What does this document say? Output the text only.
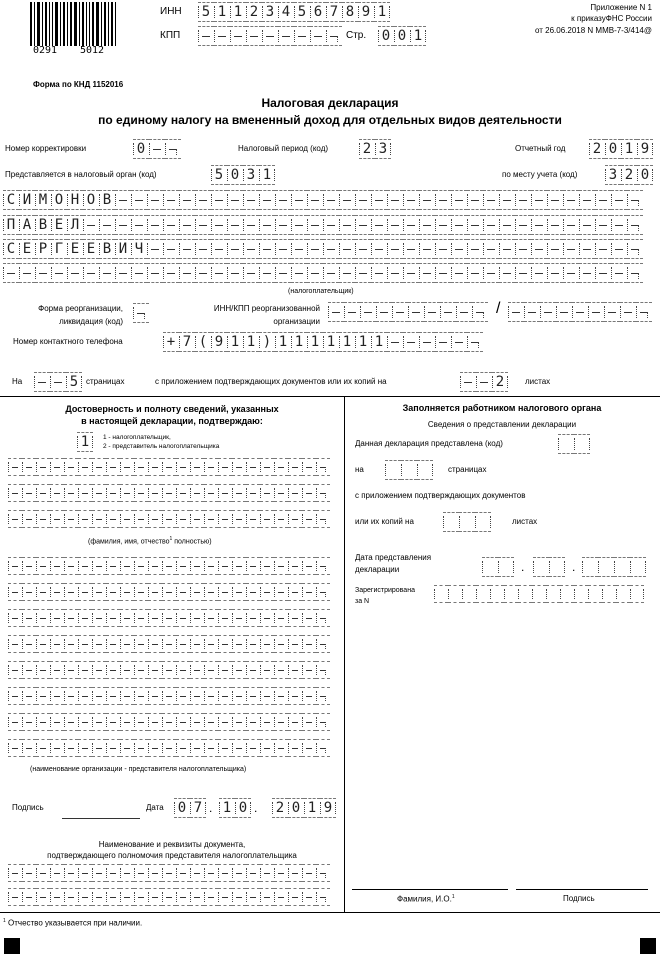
0291 5012
ИНН 5 1 1 2 3 4 5 6 7 8 9 1
КПП	Стр. 0 0 1
Приложение N 1
к приказуФНС России
от 26.06.2018 N ММВ-7-3/414@
Форма по КНД 1152016
Налоговая декларация
по единому налогу на вмененный доход для отдельных видов деятельности
Номер корректировки	0	Налоговый период (код) 2 3	Отчетный год 2 0 1 9
Представляется в налоговый орган (код)	5 0 3 1	по месту учета (код) 3 2 0
С И М О Н О В
П А В Е Л
С Е Р Г Е Е В И Ч
(налогоплательщик)
Форма реорганизации,
ликвидация (код)
ИНН/КПП реорганизованной
организации
/
Номер контактного телефона	+ 7 ( 9 1 1 ) 1 1 1 1 1 1 1
На	5 страницах	с приложением подтверждающих документов или их копий на	2	листах
Достоверность и полноту сведений, указанных
в настоящей декларации, подтверждаю:
1	1 - налогоплательщик,
2 - представитель налогоплательщика
(фамилия, имя, отчество$^1$ полностью)
(наименование организации - представителя налогоплательщика)
Подпись	Дата 0 7 . 1 0 . 2 0 1 9
Наименование и реквизиты документа,
подтверждающего полномочия представителя налогоплательщика
Заполняется работником налогового органа
Сведения о представлении декларации
Данная декларация представлена (код)
на	страницах
с приложением подтверждающих документов
или их копий на	листах
Дата представления
декларации	.	.
Зарегистрирована
за N
Фамилия, И.О.$^1$	Подпись
$^1$ Отчество указывается при наличии.
